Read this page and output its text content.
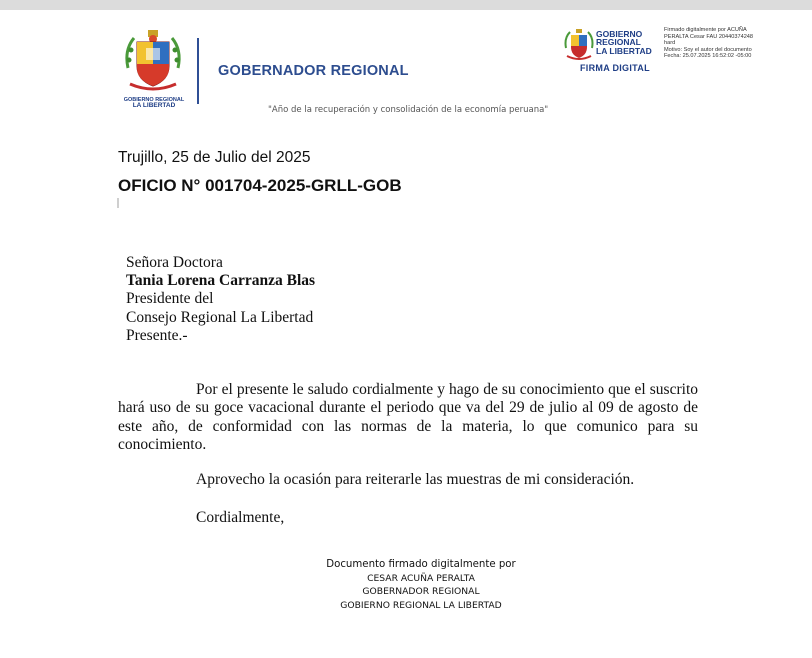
GOBIERNO REGIONAL
LA LIBERTAD
GOBERNADOR REGIONAL
"Año de la recuperación y consolidación de la economía peruana"
GOBIERNO
REGIONAL
LA LIBERTAD
FIRMA DIGITAL
Firmado digitalmente por ACUÑA
PERALTA Cesar FAU 20440374248
hard
Motivo: Soy el autor del documento
Fecha: 25.07.2025 16:52:02 -05:00
Trujillo, 25 de Julio del 2025
OFICIO N° 001704-2025-GRLL-GOB
Señora Doctora
Tania Lorena Carranza Blas
Presidente del
Consejo Regional La Libertad
Presente.-
Por el presente le saludo cordialmente y hago de su conocimiento que el suscrito hará uso de su goce vacacional durante el periodo que va del 29 de julio al 09 de agosto de este año, de conformidad con las normas de la materia, lo que comunico para su conocimiento.
Aprovecho la ocasión para reiterarle las muestras de mi consideración.
Cordialmente,
Documento firmado digitalmente por
CESAR ACUÑA PERALTA
GOBERNADOR REGIONAL
GOBIERNO REGIONAL LA LIBERTAD
